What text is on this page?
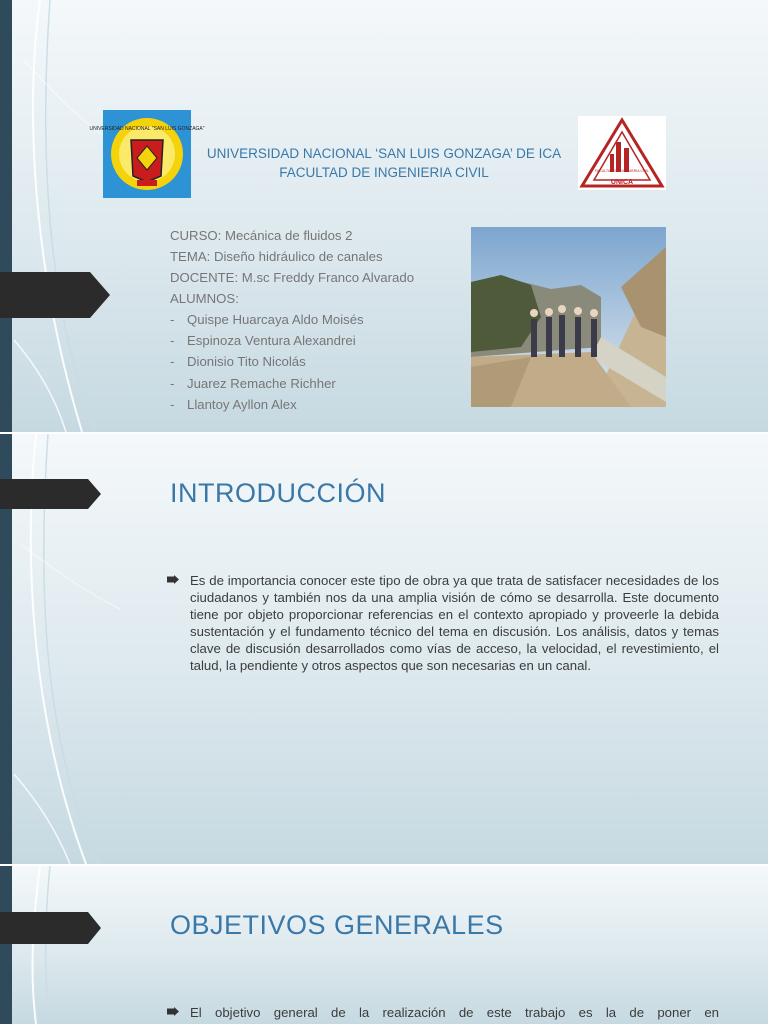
UNIVERSIDAD NACIONAL "SAN LUIS GONZAGA"
UNIVERSIDAD NACIONAL ‘SAN LUIS GONZAGA’ DE ICA
FACULTAD DE INGENIERIA CIVIL	FACULTAD DE INGENIERIA CIVIL
UNICA
CURSO: Mecánica de fluidos 2
TEMA: Diseño hidráulico de canales
DOCENTE: M.sc Freddy Franco Alvarado
ALUMNOS:
- Quispe Huarcaya Aldo Moisés
- Espinoza Ventura Alexandrei
- Dionisio Tito Nicolás
- Juarez Remache Richher
- Llantoy Ayllon Alex
INTRODUCCIÓN
Es de importancia conocer este tipo de obra ya que trata de satisfacer necesidades de los ciudadanos y también nos da una amplia visión de cómo se desarrolla. Este documento tiene por objeto proporcionar referencias en el contexto apropiado y proveerle la debida sustentación y el fundamento técnico del tema en discusión. Los análisis, datos y temas clave de discusión desarrollados como vías de acceso, la velocidad, el revestimiento, el talud, la pendiente y otros aspectos que son necesarias en un canal.
OBJETIVOS GENERALES
El objetivo general de la realización de este trabajo es la de poner en
